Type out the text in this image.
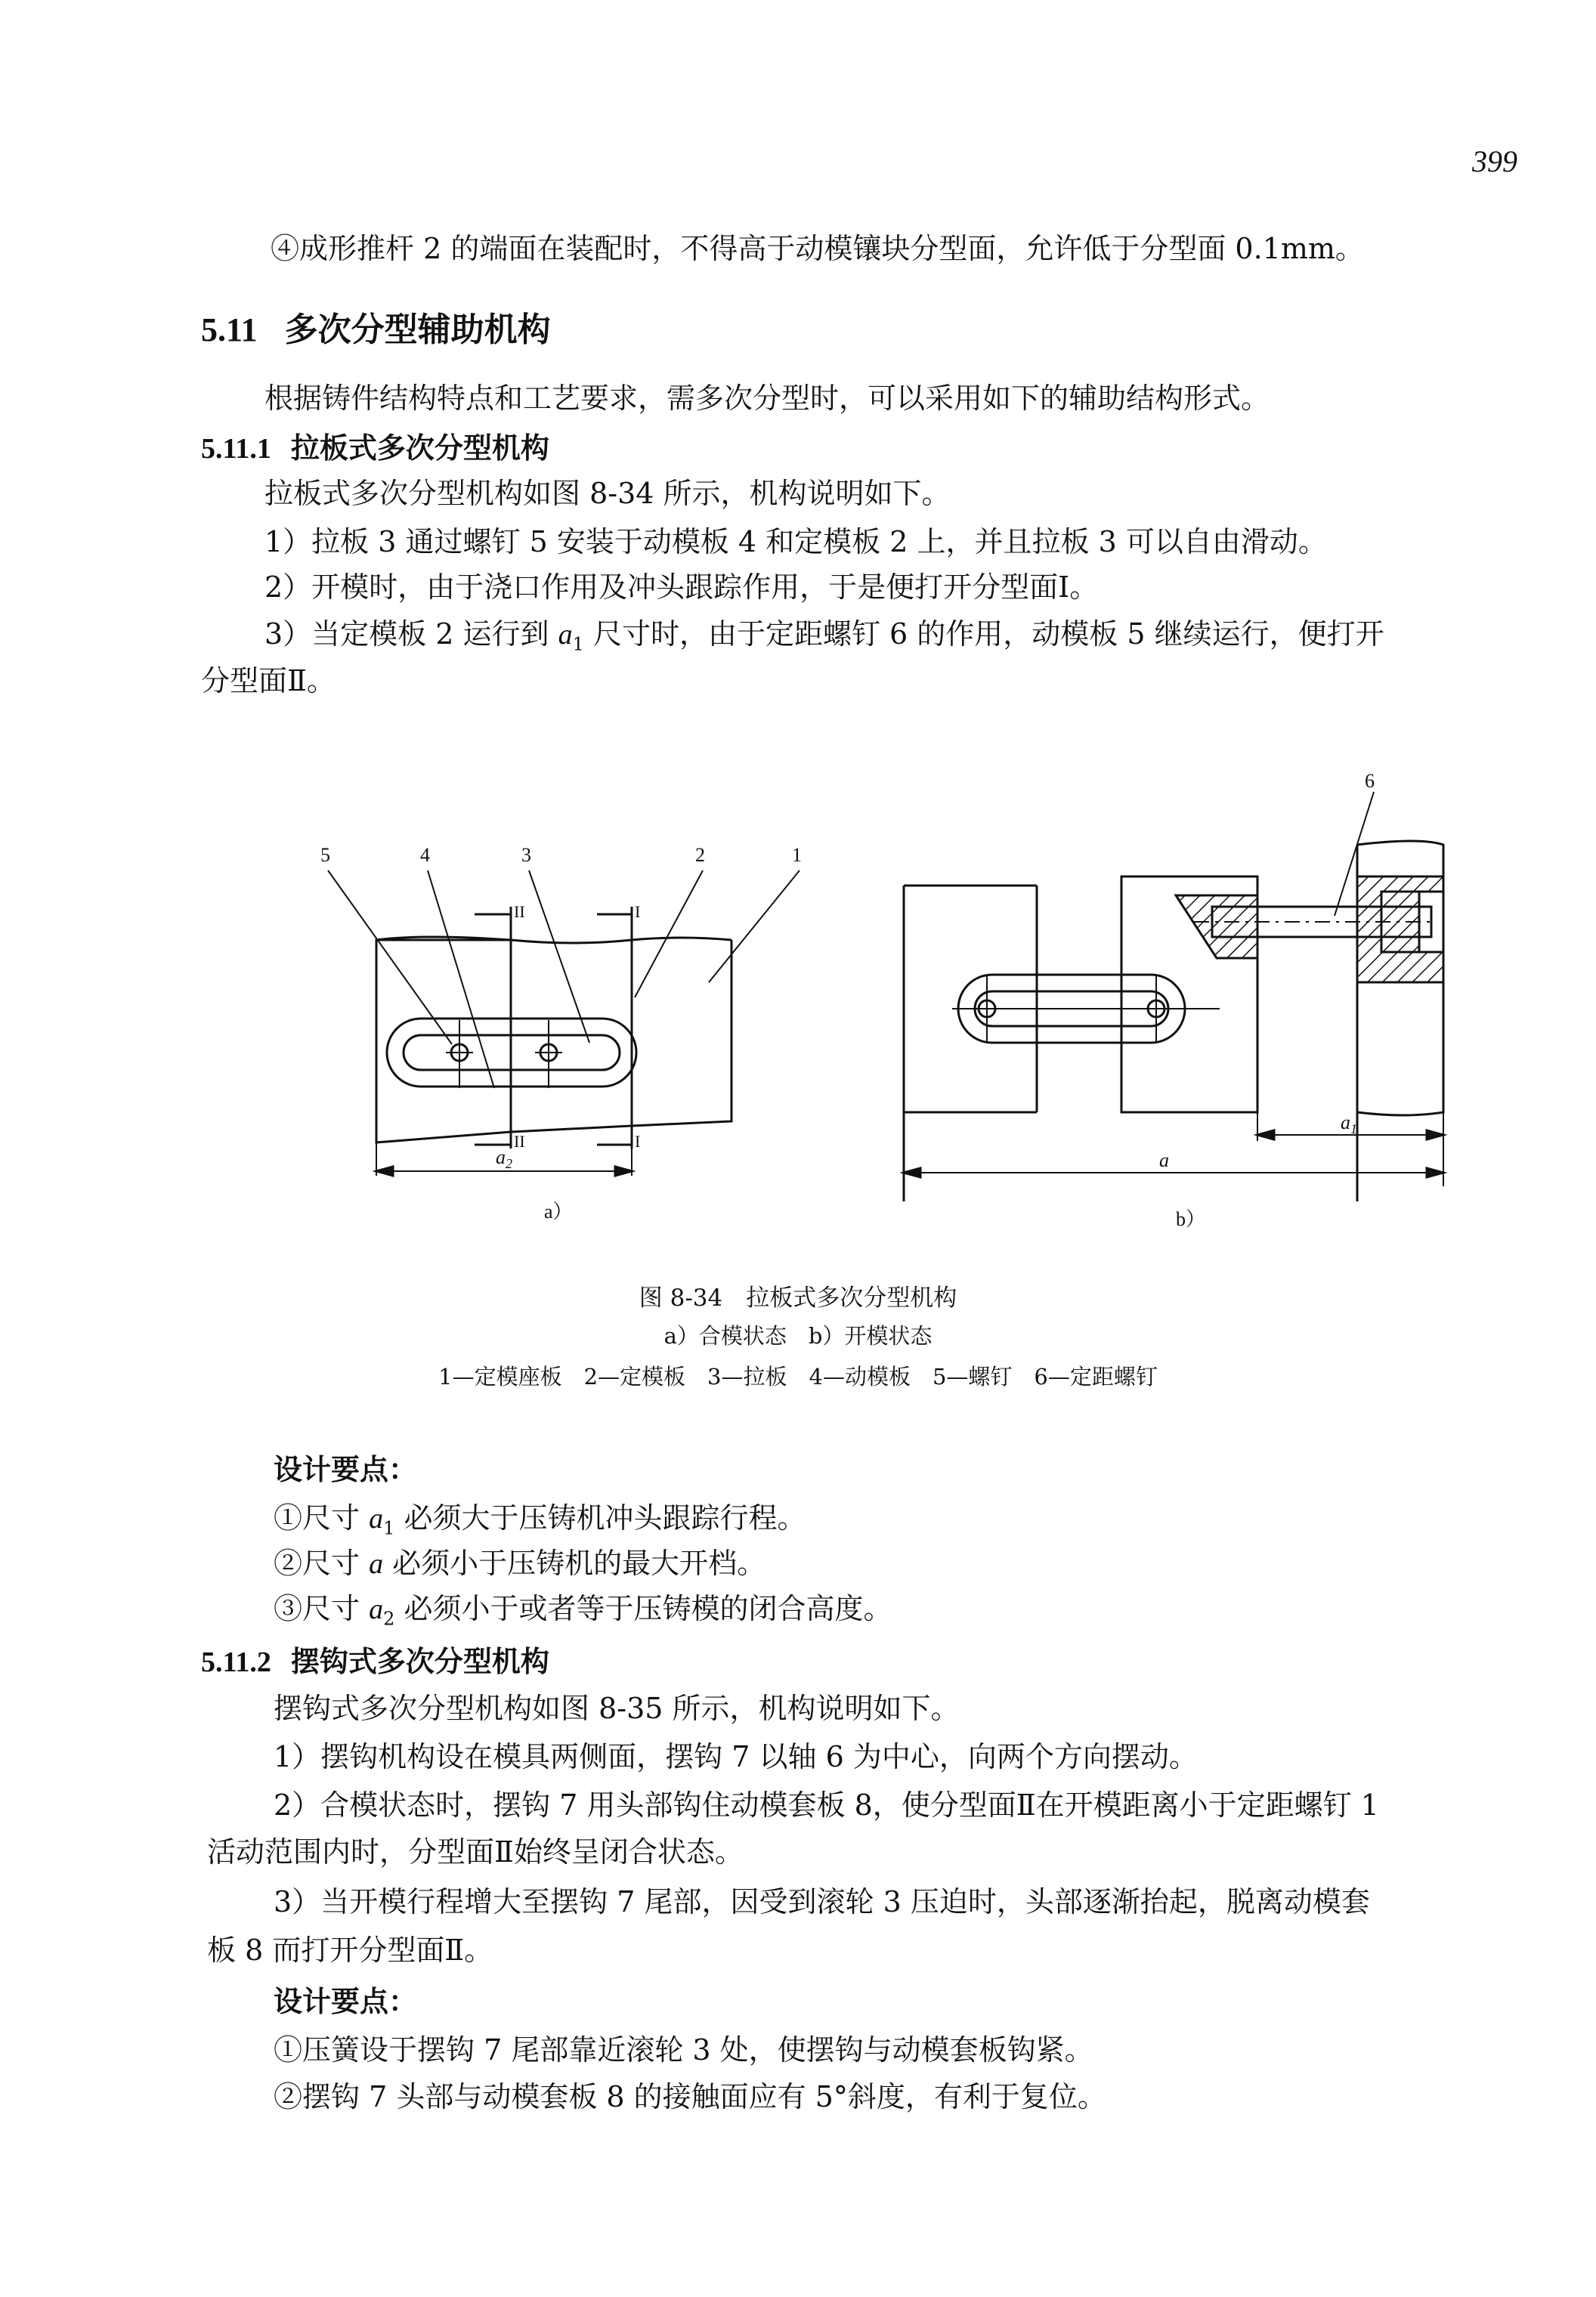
399
④成形推杆 2 的端面在装配时，不得高于动模镶块分型面，允许低于分型面 0.1mm。
5.11 多次分型辅助机构
根据铸件结构特点和工艺要求，需多次分型时，可以采用如下的辅助结构形式。
5.11.1 拉板式多次分型机构
拉板式多次分型机构如图 8-34 所示，机构说明如下。
1）拉板 3 通过螺钉 5 安装于动模板 4 和定模板 2 上，并且拉板 3 可以自由滑动。
2）开模时，由于浇口作用及冲头跟踪作用，于是便打开分型面Ⅰ。
3）当定模板 2 运行到 $a_1$ 尺寸时，由于定距螺钉 6 的作用，动模板 5 继续运行，便打开
分型面Ⅱ。
5	4	3	2	1
II	I
II	I
$a_2$
6
$a_1$
a
a）	b）
图 8-34　拉板式多次分型机构
a）合模状态　b）开模状态
1—定模座板　2—定模板　3—拉板　4—动模板　5—螺钉　6—定距螺钉
设计要点：
①尺寸 $a_1$ 必须大于压铸机冲头跟踪行程。
②尺寸 a 必须小于压铸机的最大开档。
③尺寸 $a_2$ 必须小于或者等于压铸模的闭合高度。
5.11.2 摆钩式多次分型机构
摆钩式多次分型机构如图 8-35 所示，机构说明如下。
1）摆钩机构设在模具两侧面，摆钩 7 以轴 6 为中心，向两个方向摆动。
2）合模状态时，摆钩 7 用头部钩住动模套板 8，使分型面Ⅱ在开模距离小于定距螺钉 1
活动范围内时，分型面Ⅱ始终呈闭合状态。
3）当开模行程增大至摆钩 7 尾部，因受到滚轮 3 压迫时，头部逐渐抬起，脱离动模套
板 8 而打开分型面Ⅱ。
设计要点：
①压簧设于摆钩 7 尾部靠近滚轮 3 处，使摆钩与动模套板钩紧。
②摆钩 7 头部与动模套板 8 的接触面应有 5°斜度，有利于复位。
